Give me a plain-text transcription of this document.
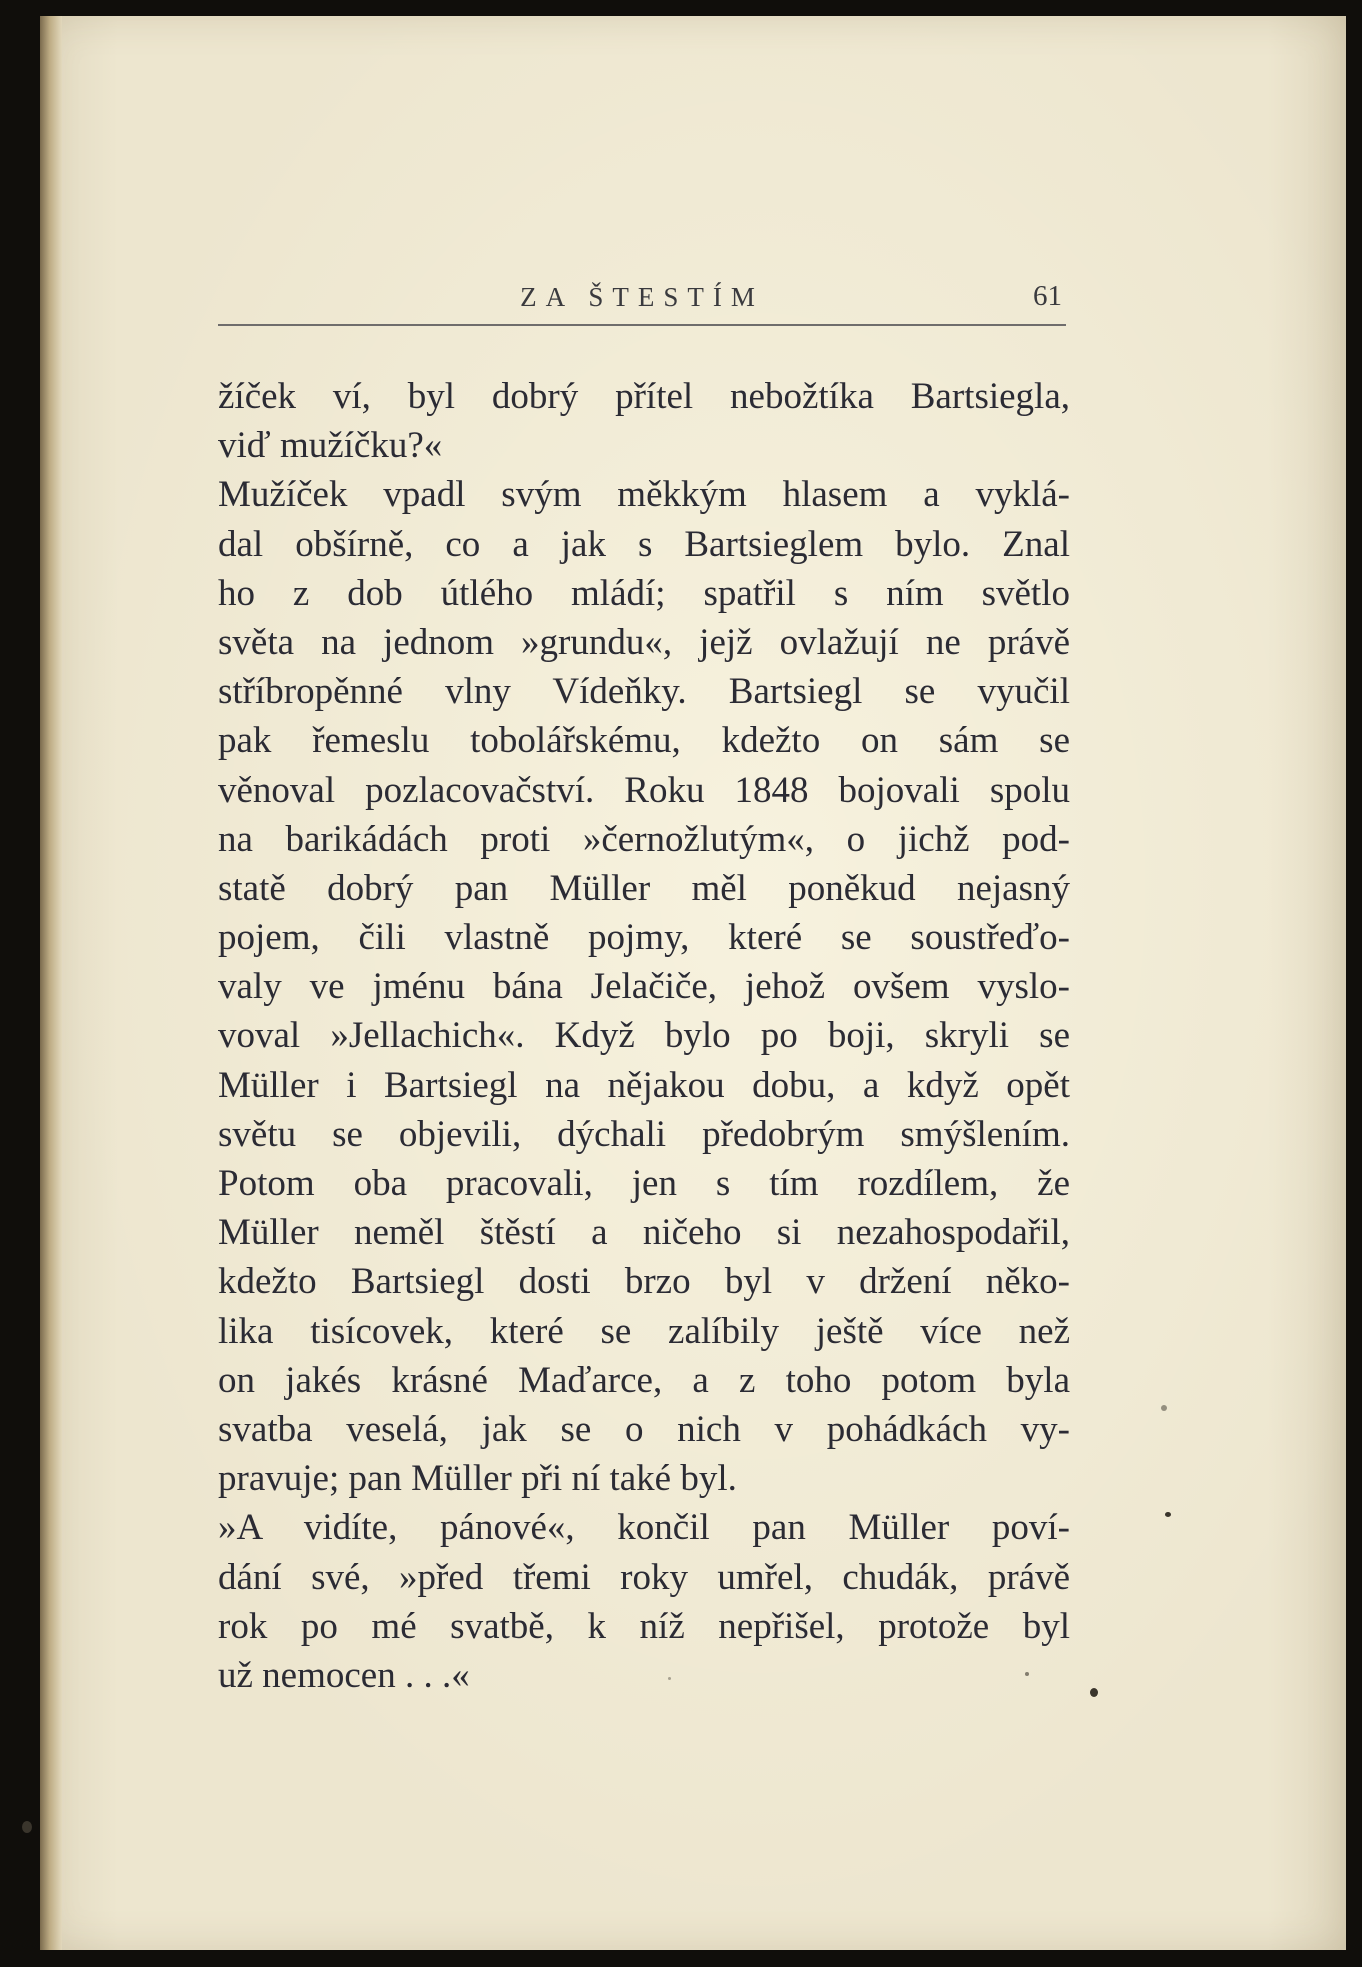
ZA ŠTESTÍM	61
žíček ví, byl dobrý přítel nebožtíka Bartsiegla,
viď mužíčku?«
Mužíček vpadl svým měkkým hlasem a vyklá-
dal obšírně, co a jak s Bartsieglem bylo. Znal
ho z dob útlého mládí; spatřil s ním světlo
světa na jednom »grundu«, jejž ovlažují ne právě
stříbropěnné vlny Vídeňky. Bartsiegl se vyučil
pak řemeslu tobolářskému, kdežto on sám se
věnoval pozlacovačství. Roku 1848 bojovali spolu
na barikádách proti »černožlutým«, o jichž pod-
statě dobrý pan Müller měl poněkud nejasný
pojem, čili vlastně pojmy, které se soustřeďo-
valy ve jménu bána Jelačiče, jehož ovšem vyslo-
voval »Jellachich«. Když bylo po boji, skryli se
Müller i Bartsiegl na nějakou dobu, a když opět
světu se objevili, dýchali předobrým smýšlením.
Potom oba pracovali, jen s tím rozdílem, že
Müller neměl štěstí a ničeho si nezahospodařil,
kdežto Bartsiegl dosti brzo byl v držení něko-
lika tisícovek, které se zalíbily ještě více než
on jakés krásné Maďarce, a z toho potom byla
svatba veselá, jak se o nich v pohádkách vy-
pravuje; pan Müller při ní také byl.
»A vidíte, pánové«, končil pan Müller poví-
dání své, »před třemi roky umřel, chudák, právě
rok po mé svatbě, k níž nepřišel, protože byl
už nemocen . . .«
